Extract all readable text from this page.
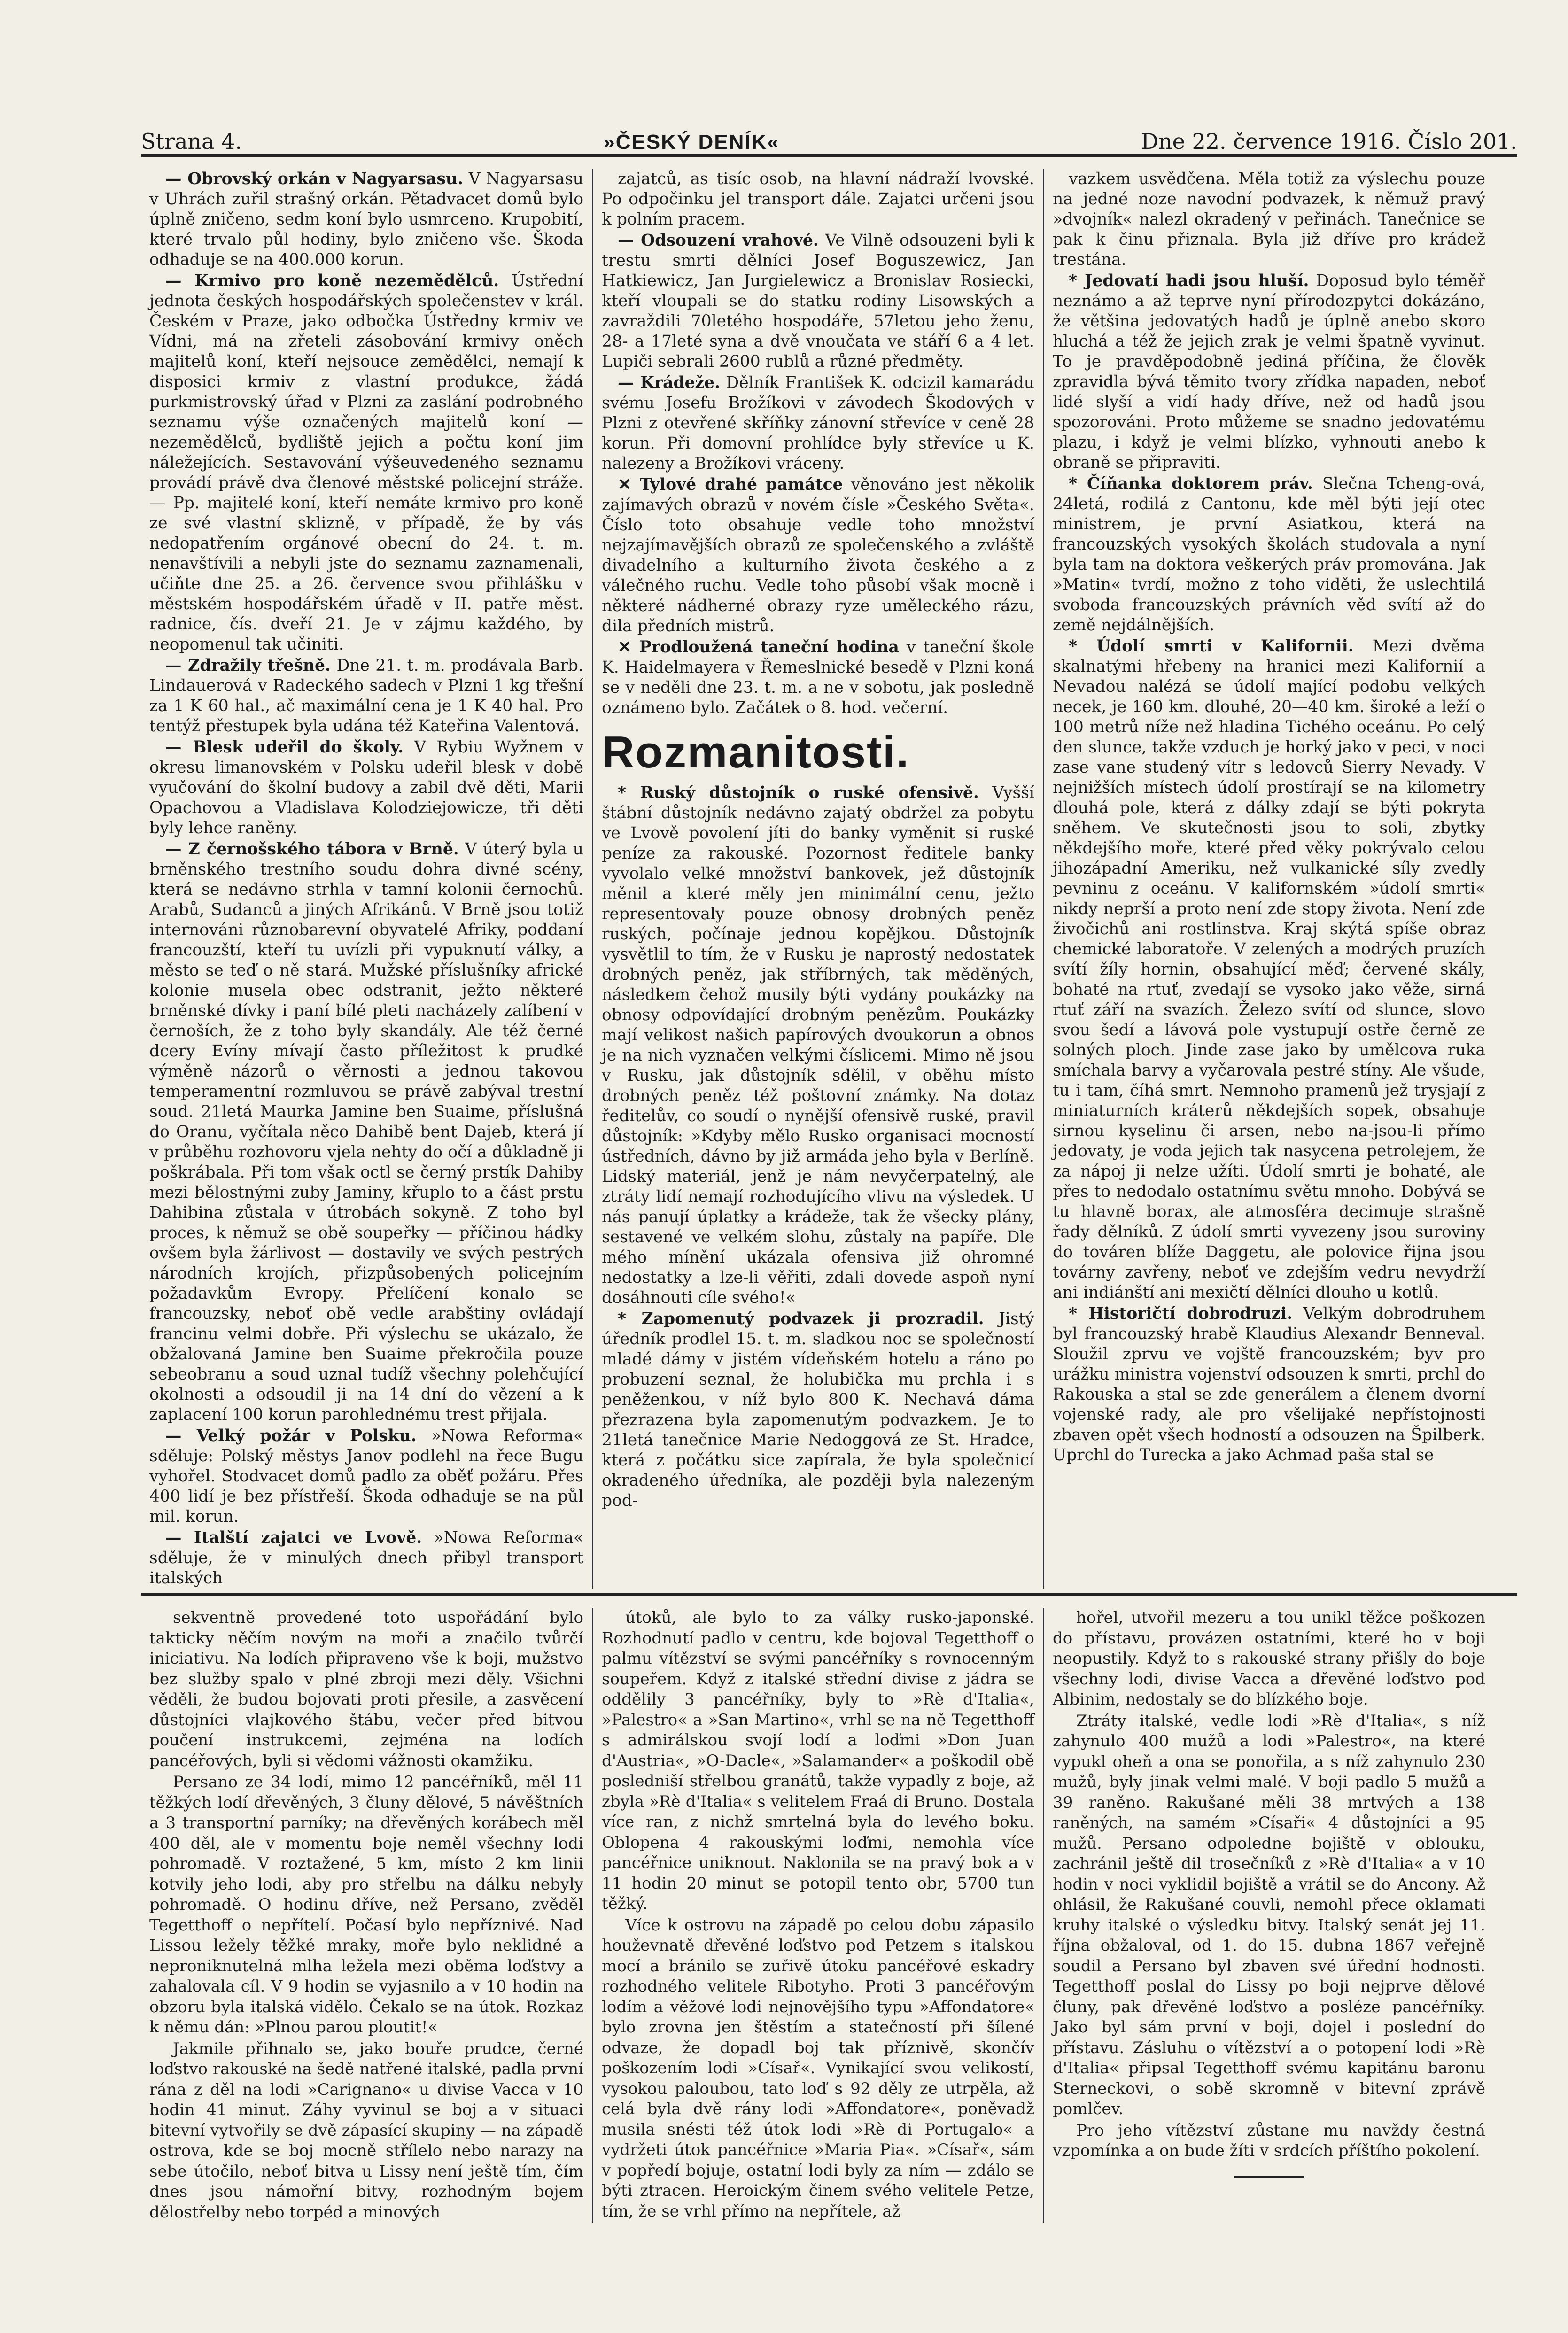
Strana 4.	»ČESKÝ DENÍK«	Dne 22. července 1916. Číslo 201.

— Obrovský orkán v Nagyarsasu. V Nagyarsasu v Uhrách zuřil strašný orkán. Pětadvacet domů bylo úplně zničeno, sedm koní bylo usmrceno. Krupobití, které trvalo půl hodiny, bylo zničeno vše. Škoda odhaduje se na 400.000 korun.

— Krmivo pro koně nezemědělců. Ústřední jednota českých hospodářských společenstev v král. Českém v Praze, jako odbočka Ústředny krmiv ve Vídni, má na zřeteli zásobování krmivy oněch majitelů koní, kteří nejsouce zemědělci, nemají k disposici krmiv z vlastní produkce, žádá purkmistrovský úřad v Plzni za zaslání podrobného seznamu výše označených majitelů koní — nezemědělců, bydliště jejich a počtu koní jim náležejících. Sestavování výšeuvedeného seznamu provádí právě dva členové městské policejní stráže. — Pp. majitelé koní, kteří nemáte krmivo pro koně ze své vlastní sklizně, v případě, že by vás nedopatřením orgánové obecní do 24. t. m. nenavštívili a nebyli jste do seznamu zaznamenali, učiňte dne 25. a 26. července svou přihlášku v městském hospodářském úřadě v II. patře měst. radnice, čís. dveří 21. Je v zájmu každého, by neopomenul tak učiniti.

— Zdražily třešně. Dne 21. t. m. prodávala Barb. Lindauerová v Radeckého sadech v Plzni 1 kg třešní za 1 K 60 hal., ač maximální cena je 1 K 40 hal. Pro tentýž přestupek byla udána též Kateřina Valentová.

— Blesk udeřil do školy. V Rybiu Wyžnem v okresu limanovském v Polsku udeřil blesk v době vyučování do školní budovy a zabil dvě děti, Marii Opachovou a Vladislava Kolodziejowicze, tři děti byly lehce raněny.

— Z černošského tábora v Brně. V úterý byla u brněnského trestního soudu dohra divné scény, která se nedávno strhla v tamní kolonii černochů. Arabů, Sudanců a jiných Afrikánů. V Brně jsou totiž internováni různobarevní obyvatelé Afriky, poddaní francouzští, kteří tu uvízli při vypuknutí války, a město se teď o ně stará. Mužské příslušníky africké kolonie musela obec odstranit, ježto některé brněnské dívky i paní bílé pleti nacházely zalíbení v černoších, že z toho byly skandály. Ale též černé dcery Evíny mívají často příležitost k prudké výměně názorů o věrnosti a jednou takovou temperamentní rozmluvou se právě zabýval trestní soud. 21letá Maurka Jamine ben Suaime, příslušná do Oranu, vyčítala něco Dahibě bent Dajeb, která jí v průběhu rozhovoru vjela nehty do očí a důkladně ji poškrábala. Při tom však octl se černý prstík Dahiby mezi bělostnými zuby Jaminy, křuplo to a část prstu Dahibina zůstala v útrobách sokyně. Z toho byl proces, k němuž se obě soupeřky — příčinou hádky ovšem byla žárlivost — dostavily ve svých pestrých národních krojích, přizpůsobených policejním požadavkům Evropy. Přelíčení konalo se francouzsky, neboť obě vedle arabštiny ovládají francinu velmi dobře. Při výslechu se ukázalo, že obžalovaná Jamine ben Suaime překročila pouze sebeobranu a soud uznal tudíž všechny polehčující okolnosti a odsoudil ji na 14 dní do vězení a k zaplacení 100 korun parohlednému trest přijala.

— Velký požár v Polsku. »Nowa Reforma« sděluje: Polský městys Janov podlehl na řece Bugu vyhořel. Stodvacet domů padlo za oběť požáru. Přes 400 lidí je bez přístřeší. Škoda odhaduje se na půl mil. korun.

— Italští zajatci ve Lvově. »Nowa Reforma« sděluje, že v minulých dnech přibyl transport italských

zajatců, as tisíc osob, na hlavní nádraží lvovské. Po odpočinku jel transport dále. Zajatci určeni jsou k polním pracem.

— Odsouzení vrahové. Ve Vilně odsouzeni byli k trestu smrti dělníci Josef Boguszewicz, Jan Hatkiewicz, Jan Jurgielewicz a Bronislav Rosiecki, kteří vloupali se do statku rodiny Lisowských a zavraždili 70letého hospodáře, 57letou jeho ženu, 28- a 17leté syna a dvě vnoučata ve stáří 6 a 4 let. Lupiči sebrali 2600 rublů a různé předměty.

— Krádeže. Dělník František K. odcizil kamarádu svému Josefu Brožíkovi v závodech Škodových v Plzni z otevřené skříňky zánovní střevíce v ceně 28 korun. Při domovní prohlídce byly střevíce u K. nalezeny a Brožíkovi vráceny.

✕ Tylové drahé památce věnováno jest několik zajímavých obrazů v novém čísle »Českého Světa«. Číslo toto obsahuje vedle toho množství nejzajímavějších obrazů ze společenského a zvláště divadelního a kulturního života českého a z válečného ruchu. Vedle toho působí však mocně i některé nádherné obrazy ryze uměleckého rázu, dila předních mistrů.

✕ Prodloužená taneční hodina v taneční škole K. Haidelmayera v Řemeslnické besedě v Plzni koná se v neděli dne 23. t. m. a ne v sobotu, jak posledně oznámeno bylo. Začátek o 8. hod. večerní.

Rozmanitosti.

* Ruský důstojník o ruské ofensivě. Vyšší štábní důstojník nedávno zajatý obdržel za pobytu ve Lvově povolení jíti do banky vyměnit si ruské peníze za rakouské. Pozornost ředitele banky vyvolalo velké množství bankovek, jež důstojník měnil a které měly jen minimální cenu, ježto representovaly pouze obnosy drobných peněz ruských, počínaje jednou kopějkou. Důstojník vysvětlil to tím, že v Rusku je naprostý nedostatek drobných peněz, jak stříbrných, tak měděných, následkem čehož musily býti vydány poukázky na obnosy odpovídající drobným penězům. Poukázky mají velikost našich papírových dvoukorun a obnos je na nich vyznačen velkými číslicemi. Mimo ně jsou v Rusku, jak důstojník sdělil, v oběhu místo drobných peněz též poštovní známky. Na dotaz ředitelův, co soudí o nynější ofensivě ruské, pravil důstojník: »Kdyby mělo Rusko organisaci mocností ústředních, dávno by již armáda jeho byla v Berlíně. Lidský materiál, jenž je nám nevyčerpatelný, ale ztráty lidí nemají rozhodujícího vlivu na výsledek. U nás panují úplatky a krádeže, tak že všecky plány, sestavené ve velkém slohu, zůstaly na papíře. Dle mého mínění ukázala ofensiva již ohromné nedostatky a lze-li věřiti, zdali dovede aspoň nyní dosáhnouti cíle svého!«

* Zapomenutý podvazek ji prozradil. Jistý úředník prodlel 15. t. m. sladkou noc se společností mladé dámy v jistém vídeňském hotelu a ráno po probuzení seznal, že holubička mu prchla i s peněženkou, v níž bylo 800 K. Nechavá dáma přezrazena byla zapomenutým podvazkem. Je to 21letá tanečnice Marie Nedoggová ze St. Hradce, která z počátku sice zapírala, že byla společnicí okradeného úředníka, ale později byla nalezeným pod-

vazkem usvědčena. Měla totiž za výslechu pouze na jedné noze navodní podvazek, k němuž pravý »dvojník« nalezl okradený v peřinách. Tanečnice se pak k činu přiznala. Byla již dříve pro krádež trestána.

* Jedovatí hadi jsou hluší. Doposud bylo téměř neznámo a až teprve nyní přírodozpytci dokázáno, že většina jedovatých hadů je úplně anebo skoro hluchá a též že jejich zrak je velmi špatně vyvinut. To je pravděpodobně jediná příčina, že člověk zpravidla bývá těmito tvory zřídka napaden, neboť lidé slyší a vidí hady dříve, než od hadů jsou spozorováni. Proto můžeme se snadno jedovatému plazu, i když je velmi blízko, vyhnouti anebo k obraně se připraviti.

* Číňanka doktorem práv. Slečna Tcheng-ová, 24letá, rodilá z Cantonu, kde měl býti její otec ministrem, je první Asiatkou, která na francouzských vysokých školách studovala a nyní byla tam na doktora veškerých práv promována. Jak »Matin« tvrdí, možno z toho viděti, že uslechtilá svoboda francouzských právních věd svítí až do země nejdálnějších.

* Údolí smrti v Kalifornii. Mezi dvěma skalnatými hřebeny na hranici mezi Kalifornií a Nevadou nalézá se údolí mající podobu velkých necek, je 160 km. dlouhé, 20—40 km. široké a leží o 100 metrů níže než hladina Tichého oceánu. Po celý den slunce, takže vzduch je horký jako v peci, v noci zase vane studený vítr s ledovců Sierry Nevady. V nejnižších místech údolí prostírají se na kilometry dlouhá pole, která z dálky zdají se býti pokryta sněhem. Ve skutečnosti jsou to soli, zbytky někdejšího moře, které před věky pokrývalo celou jihozápadní Ameriku, než vulkanické síly zvedly pevninu z oceánu. V kalifornském »údolí smrti« nikdy neprší a proto není zde stopy života. Není zde živočichů ani rostlinstva. Kraj skýtá spíše obraz chemické laboratoře. V zelených a modrých pruzích svítí žíly hornin, obsahující měď; červené skály, bohaté na rtuť, zvedají se vysoko jako věže, sirná rtuť září na svazích. Železo svítí od slunce, slovo svou šedí a lávová pole vystupují ostře černě ze solných ploch. Jinde zase jako by umělcova ruka smíchala barvy a vyčarovala pestré stíny. Ale všude, tu i tam, číhá smrt. Nemnoho pramenů jež trysjají z miniaturních kráterů někdejších sopek, obsahuje sirnou kyselinu či arsen, nebo na-jsou-li přímo jedovaty, je voda jejich tak nasycena petrolejem, že za nápoj ji nelze užíti. Údolí smrti je bohaté, ale přes to nedodalo ostatnímu světu mnoho. Dobývá se tu hlavně borax, ale atmosféra decimuje strašně řady dělníků. Z údolí smrti vyvezeny jsou suroviny do továren blíže Daggetu, ale polovice řijna jsou továrny zavřeny, neboť ve zdejším vedru nevydrží ani indiánští ani mexičtí dělníci dlouho u kotlů.

* Historičtí dobrodruzi. Velkým dobrodruhem byl francouzský hrabě Klaudius Alexandr Benneval. Sloužil zprvu ve vojště francouzském; byv pro urážku ministra vojenství odsouzen k smrti, prchl do Rakouska a stal se zde generálem a členem dvorní vojenské rady, ale pro všelijaké nepřístojnosti zbaven opět všech hodností a odsouzen na Špilberk. Uprchl do Turecka a jako Achmad paša stal se

sekventně provedené toto uspořádání bylo takticky něčím novým na moři a značilo tvůrčí iniciativu. Na lodích připraveno vše k boji, mužstvo bez služby spalo v plné zbroji mezi děly. Všichni věděli, že budou bojovati proti přesile, a zasvěcení důstojníci vlajkového štábu, večer před bitvou poučení instrukcemi, zejména na lodích pancéřových, byli si vědomi vážnosti okamžiku.

Persano ze 34 lodí, mimo 12 pancéřníků, měl 11 těžkých lodí dřevěných, 3 čluny dělové, 5 návěštních a 3 transportní parníky; na dřevěných korábech měl 400 děl, ale v momentu boje neměl všechny lodi pohromadě. V roztažené, 5 km, místo 2 km linii kotvily jeho lodi, aby pro střelbu na dálku nebyly pohromadě. O hodinu dříve, než Persano, zvěděl Tegetthoff o nepřítelí. Počasí bylo nepříznivé. Nad Lissou ležely těžké mraky, moře bylo neklidné a neproniknutelná mlha ležela mezi oběma loďstvy a zahalovala cíl. V 9 hodin se vyjasnilo a v 10 hodin na obzoru byla italská vidělo. Čekalo se na útok. Rozkaz k němu dán: »Plnou parou ploutit!«

Jakmile přihnalo se, jako bouře prudce, černé loďstvo rakouské na šedě natřené italské, padla první rána z děl na lodi »Carignano« u divise Vacca v 10 hodin 41 minut. Záhy vyvinul se boj a v situaci bitevní vytvořily se dvě zápasící skupiny — na západě ostrova, kde se boj mocně střílelo nebo narazy na sebe útočilo, neboť bitva u Lissy není ještě tím, čím dnes jsou námořní bitvy, rozhodným bojem dělostřelby nebo torpéd a minových

útoků, ale bylo to za války rusko-japonské. Rozhodnutí padlo v centru, kde bojoval Tegetthoff o palmu vítězství se svými pancéřníky s rovnocenným soupeřem. Když z italské střední divise z jádra se oddělily 3 pancéřníky, byly to »Rè d'Italia«, »Palestro« a »San Martino«, vrhl se na ně Tegetthoff s admirálskou svojí lodí a loďmi »Don Juan d'Austria«, »O-Dacle«, »Salamander« a poškodil obě posledniší střelbou granátů, takže vypadly z boje, až zbyla »Rè d'Italia« s velitelem Fraá di Bruno. Dostala více ran, z nichž smrtelná byla do levého boku. Oblopena 4 rakouskými loďmi, nemohla více pancéřnice uniknout. Naklonila se na pravý bok a v 11 hodin 20 minut se potopil tento obr, 5700 tun těžký.

Více k ostrovu na západě po celou dobu zápasilo houževnatě dřevěné loďstvo pod Petzem s italskou mocí a bránilo se zuřivě útoku pancéřové eskadry rozhodného velitele Ribotyho. Proti 3 pancéřovým lodím a věžové lodi nejnovějšího typu »Affondatore« bylo zrovna jen štěstím a statečností při šílené odvaze, že dopadl boj tak příznivě, skončív poškozením lodi »Císař«. Vynikající svou velikostí, vysokou paloubou, tato loď s 92 děly ze utrpěla, až celá byla dvě rány lodi »Affondatore«, poněvadž musila snésti též útok lodi »Rè di Portugalo« a vydržeti útok pancéřnice »Maria Pia«. »Císař«, sám v popředí bojuje, ostatní lodi byly za ním — zdálo se býti ztracen. Heroickým činem svého velitele Petze, tím, že se vrhl přímo na nepřítele, až

hořel, utvořil mezeru a tou unikl těžce poškozen do přístavu, provázen ostatními, které ho v boji neopustily. Když to s rakouské strany přišly do boje všechny lodi, divise Vacca a dřevěné loďstvo pod Albinim, nedostaly se do blízkého boje.

Ztráty italské, vedle lodi »Rè d'Italia«, s níž zahynulo 400 mužů a lodi »Palestro«, na které vypukl oheň a ona se ponořila, a s níž zahynulo 230 mužů, byly jinak velmi malé. V boji padlo 5 mužů a 39 raněno. Rakušané měli 38 mrtvých a 138 raněných, na samém »Císaři« 4 důstojníci a 95 mužů. Persano odpoledne bojiště v oblouku, zachránil ještě dil trosečníků z »Rè d'Italia« a v 10 hodin v noci vyklidil bojiště a vrátil se do Ancony. Až ohlásil, že Rakušané couvli, nemohl přece oklamati kruhy italské o výsledku bitvy. Italský senát jej 11. října obžaloval, od 1. do 15. dubna 1867 veřejně soudil a Persano byl zbaven své úřední hodnosti. Tegetthoff poslal do Lissy po boji nejprve dělové čluny, pak dřevěné loďstvo a posléze pancéřníky. Jako byl sám první v boji, dojel i poslední do přístavu. Zásluhu o vítězství a o potopení lodi »Rè d'Italia« připsal Tegetthoff svému kapitánu baronu Sterneckovi, o sobě skromně v bitevní zprávě pomlčev.

Pro jeho vítězství zůstane mu navždy čestná vzpomínka a on bude žíti v srdcích příštího pokolení.
